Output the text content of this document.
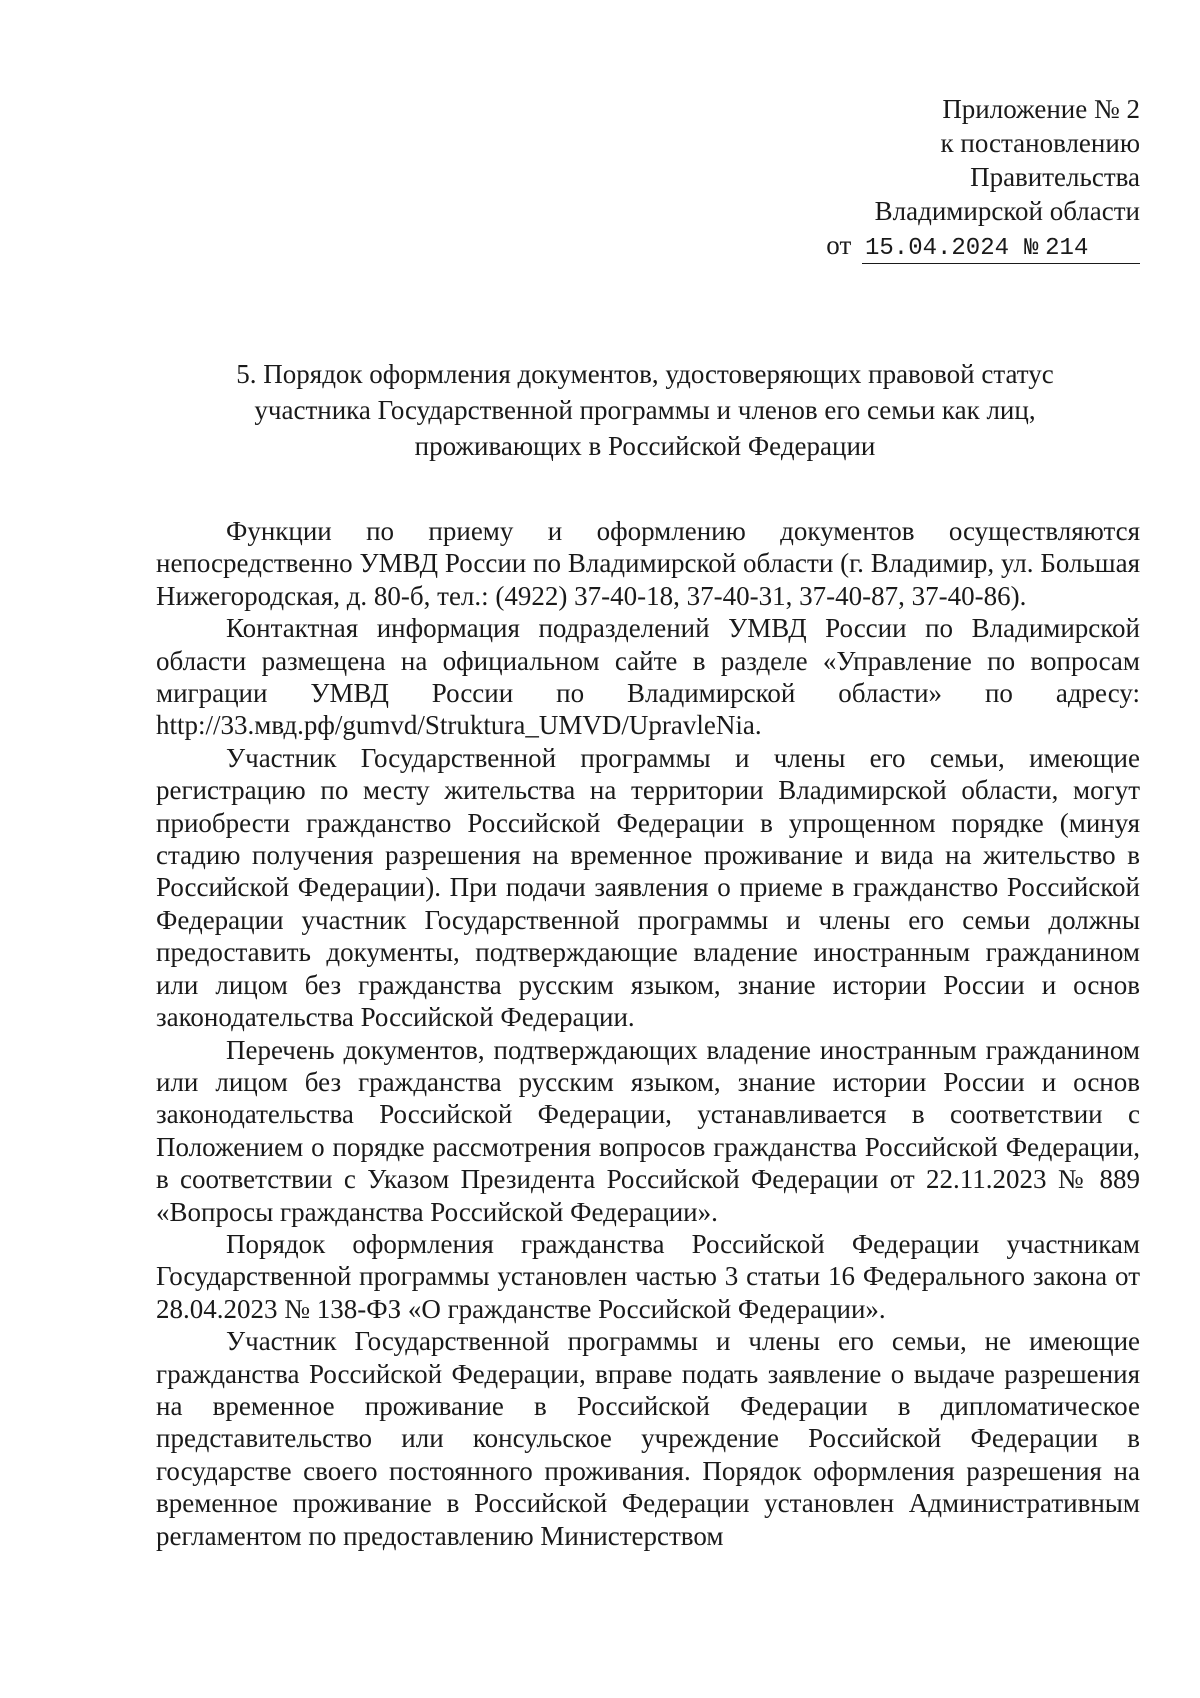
Приложение № 2
к постановлению
Правительства
Владимирской области
от 15.04.2024 № 214
5. Порядок оформления документов, удостоверяющих правовой статус
участника Государственной программы и членов его семьи как лиц,
проживающих в Российской Федерации

Функции по приему и оформлению документов осуществляются непосредственно УМВД России по Владимирской области (г. Владимир, ул. Большая Нижегородская, д. 80-б, тел.: (4922) 37-40-18, 37-40-31, 37-40-87, 37-40-86).

Контактная информация подразделений УМВД России по Владимирской области размещена на официальном сайте в разделе «Управление по вопросам миграции УМВД России по Владимирской области» по адресу: http://33.мвд.рф/gumvd/Struktura_UMVD/UpravleNia.

Участник Государственной программы и члены его семьи, имеющие регистрацию по месту жительства на территории Владимирской области, могут приобрести гражданство Российской Федерации в упрощенном порядке (минуя стадию получения разрешения на временное проживание и вида на жительство в Российской Федерации). При подачи заявления о приеме в гражданство Российской Федерации участник Государственной программы и члены его семьи должны предоставить документы, подтверждающие владение иностранным гражданином или лицом без гражданства русским языком, знание истории России и основ законодательства Российской Федерации.

Перечень документов, подтверждающих владение иностранным гражданином или лицом без гражданства русским языком, знание истории России и основ законодательства Российской Федерации, устанавливается в соответствии с Положением о порядке рассмотрения вопросов гражданства Российской Федерации, в соответствии с Указом Президента Российской Федерации от 22.11.2023 № 889 «Вопросы гражданства Российской Федерации».

Порядок оформления гражданства Российской Федерации участникам Государственной программы установлен частью 3 статьи 16 Федерального закона от 28.04.2023 № 138-ФЗ «О гражданстве Российской Федерации».

Участник Государственной программы и члены его семьи, не имеющие гражданства Российской Федерации, вправе подать заявление о выдаче разрешения на временное проживание в Российской Федерации в дипломатическое представительство или консульское учреждение Российской Федерации в государстве своего постоянного проживания. Порядок оформления разрешения на временное проживание в Российской Федерации установлен Административным регламентом по предоставлению Министерством
